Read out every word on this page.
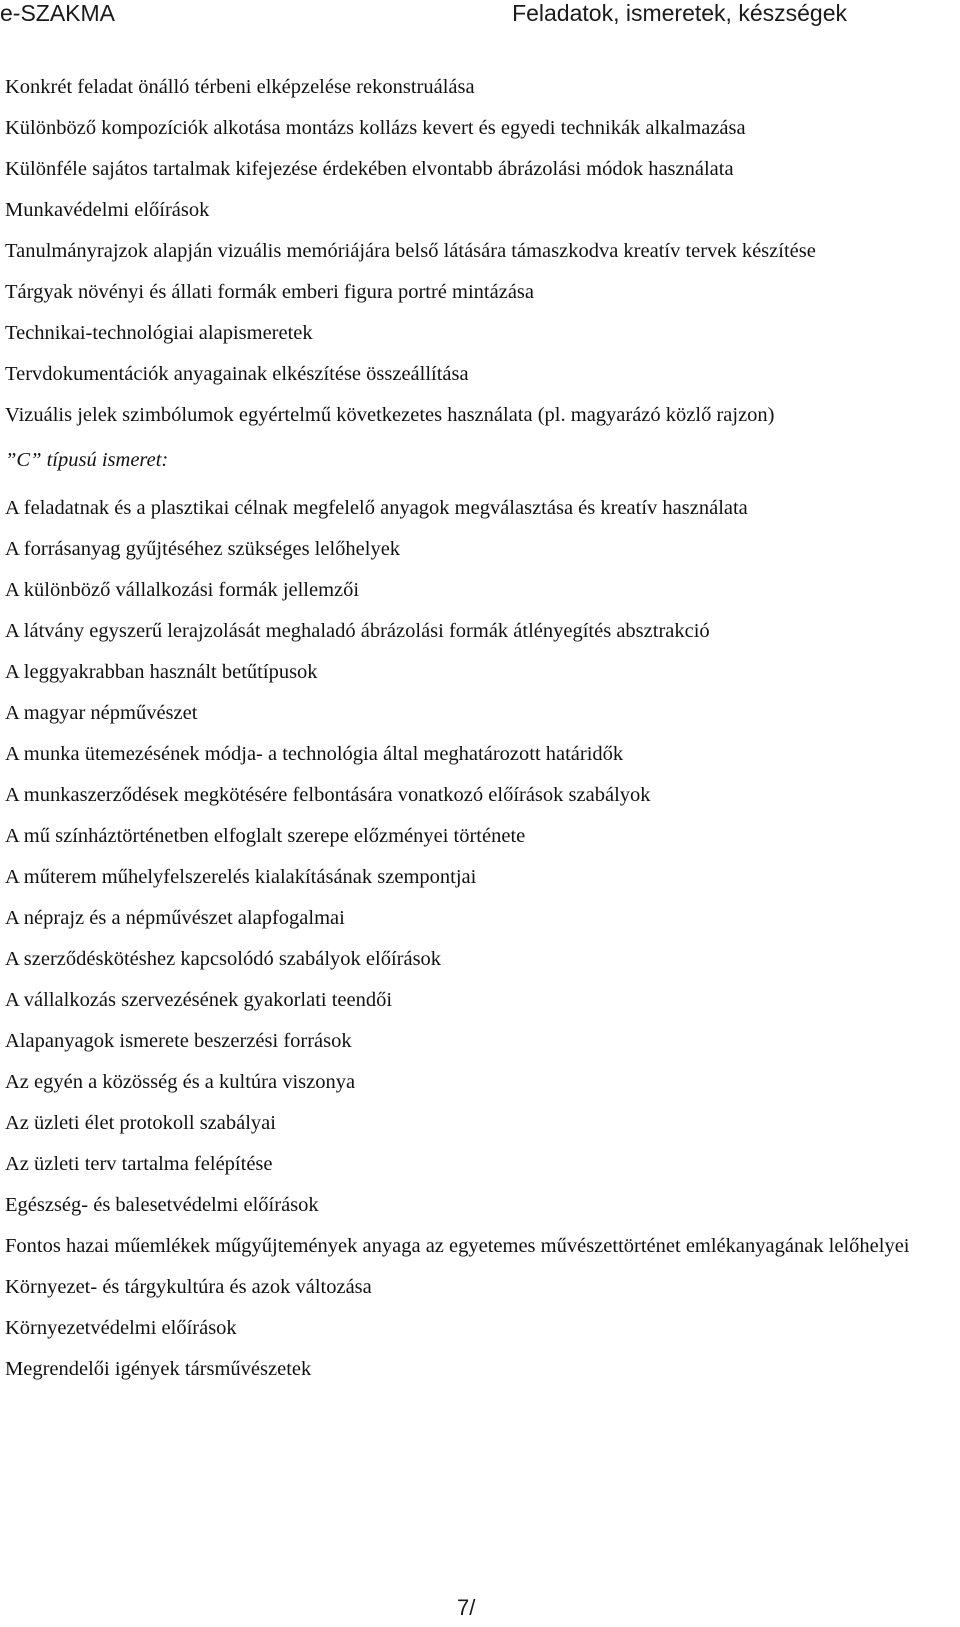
e-SZAKMA	Feladatok, ismeretek, készségek
Konkrét feladat önálló térbeni elképzelése rekonstruálása
Különböző kompozíciók alkotása montázs kollázs kevert és egyedi technikák alkalmazása
Különféle sajátos tartalmak kifejezése érdekében elvontabb ábrázolási módok használata
Munkavédelmi előírások
Tanulmányrajzok alapján vizuális memóriájára belső látására támaszkodva kreatív tervek készítése
Tárgyak növényi és állati formák emberi figura portré mintázása
Technikai-technológiai alapismeretek
Tervdokumentációk anyagainak elkészítése összeállítása
Vizuális jelek szimbólumok egyértelmű következetes használata (pl. magyarázó közlő rajzon)
”C” típusú ismeret:
A feladatnak és a plasztikai célnak megfelelő anyagok megválasztása és kreatív használata
A forrásanyag gyűjtéséhez szükséges lelőhelyek
A különböző vállalkozási formák jellemzői
A látvány egyszerű lerajzolását meghaladó ábrázolási formák átlényegítés absztrakció
A leggyakrabban használt betűtípusok
A magyar népművészet
A munka ütemezésének módja- a technológia által meghatározott határidők
A munkaszerződések megkötésére felbontására vonatkozó előírások szabályok
A mű színháztörténetben elfoglalt szerepe előzményei története
A műterem műhelyfelszerelés kialakításának szempontjai
A néprajz és a népművészet alapfogalmai
A szerződéskötéshez kapcsolódó szabályok előírások
A vállalkozás szervezésének gyakorlati teendői
Alapanyagok ismerete beszerzési források
Az egyén a közösség és a kultúra viszonya
Az üzleti élet protokoll szabályai
Az üzleti terv tartalma felépítése
Egészség- és balesetvédelmi előírások
Fontos hazai műemlékek műgyűjtemények anyaga az egyetemes művészettörténet emlékanyagának lelőhelyei
Környezet- és tárgykultúra és azok változása
Környezetvédelmi előírások
Megrendelői igények társművészetek
7/
